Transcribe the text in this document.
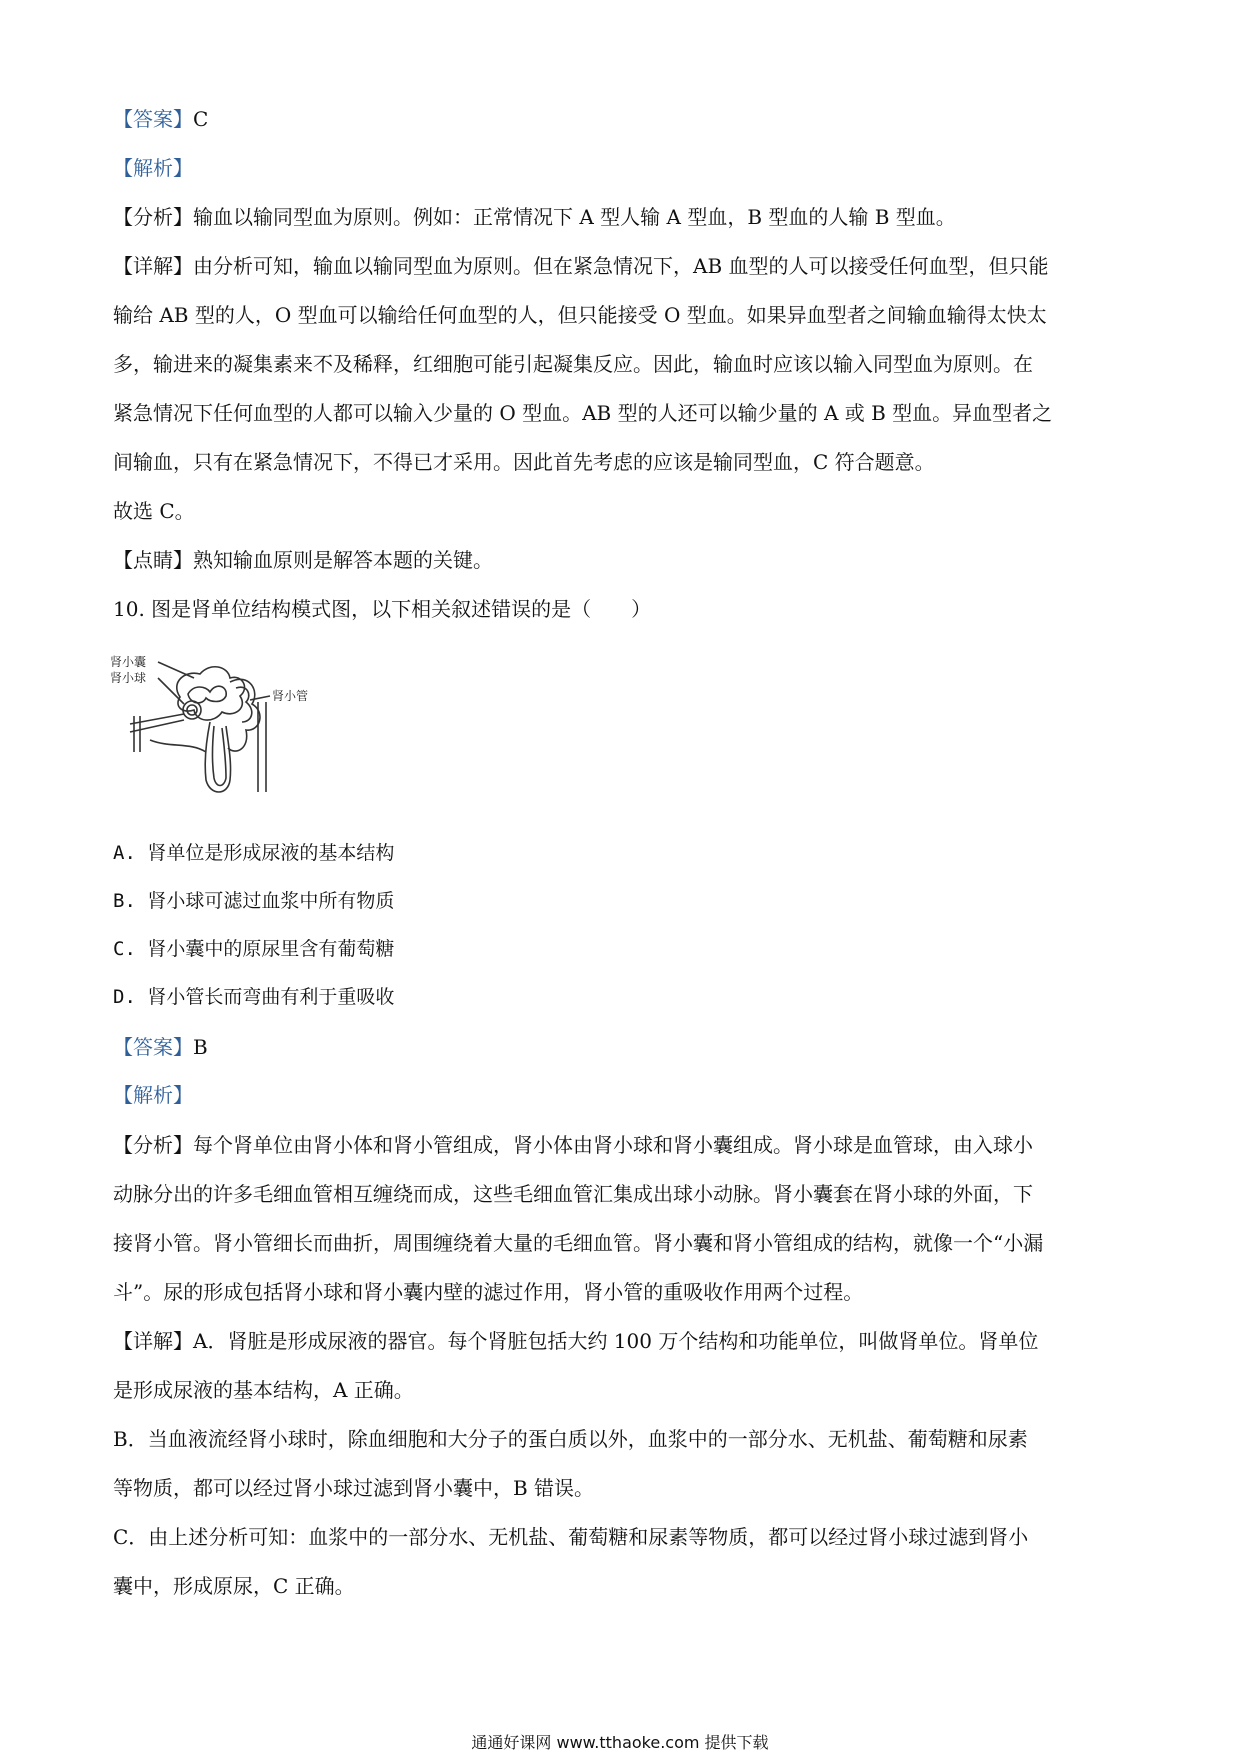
【答案】C
【解析】
【分析】输血以输同型血为原则。例如：正常情况下 A 型人输 A 型血，B 型血的人输 B 型血。
【详解】由分析可知，输血以输同型血为原则。但在紧急情况下，AB 血型的人可以接受任何血型，但只能
输给 AB 型的人，O 型血可以输给任何血型的人，但只能接受 O 型血。如果异血型者之间输血输得太快太
多，输进来的凝集素来不及稀释，红细胞可能引起凝集反应。因此，输血时应该以输入同型血为原则。在
紧急情况下任何血型的人都可以输入少量的 O 型血。AB 型的人还可以输少量的 A 或 B 型血。异血型者之
间输血，只有在紧急情况下，不得已才采用。因此首先考虑的应该是输同型血，C 符合题意。
故选 C。
【点睛】熟知输血原则是解答本题的关键。
10. 图是肾单位结构模式图，以下相关叙述错误的是（　　）
肾小囊
肾小球
肾小管
A. 肾单位是形成尿液的基本结构
B. 肾小球可滤过血浆中所有物质
C. 肾小囊中的原尿里含有葡萄糖
D. 肾小管长而弯曲有利于重吸收
【答案】B
【解析】
【分析】每个肾单位由肾小体和肾小管组成，肾小体由肾小球和肾小囊组成。肾小球是血管球，由入球小
动脉分出的许多毛细血管相互缠绕而成，这些毛细血管汇集成出球小动脉。肾小囊套在肾小球的外面，下
接肾小管。肾小管细长而曲折，周围缠绕着大量的毛细血管。肾小囊和肾小管组成的结构，就像一个“小漏
斗”。尿的形成包括肾小球和肾小囊内壁的滤过作用，肾小管的重吸收作用两个过程。
【详解】A．肾脏是形成尿液的器官。每个肾脏包括大约 100 万个结构和功能单位，叫做肾单位。肾单位
是形成尿液的基本结构，A 正确。
B．当血液流经肾小球时，除血细胞和大分子的蛋白质以外，血浆中的一部分水、无机盐、葡萄糖和尿素
等物质，都可以经过肾小球过滤到肾小囊中，B 错误。
C．由上述分析可知：血浆中的一部分水、无机盐、葡萄糖和尿素等物质，都可以经过肾小球过滤到肾小
囊中，形成原尿，C 正确。
通通好课网 www.tthaoke.com 提供下载
